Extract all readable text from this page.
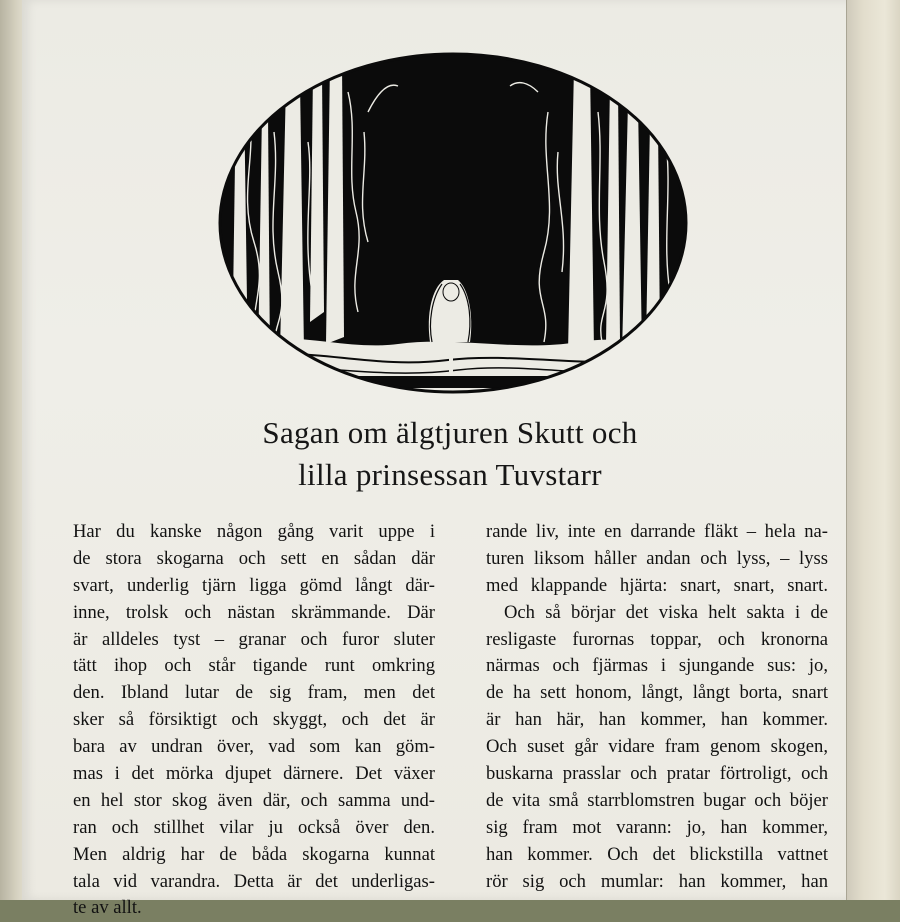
Sagan om älgtjuren Skutt och
lilla prinsessan Tuvstarr
Har du kanske någon gång varit uppe i
de stora skogarna och sett en sådan där
svart, underlig tjärn ligga gömd långt där-
inne, trolsk och nästan skrämmande. Där
är alldeles tyst – granar och furor sluter
tätt ihop och står tigande runt omkring
den. Ibland lutar de sig fram, men det
sker så försiktigt och skyggt, och det är
bara av undran över, vad som kan göm-
mas i det mörka djupet därnere. Det växer
en hel stor skog även där, och samma und-
ran och stillhet vilar ju också över den.
Men aldrig har de båda skogarna kunnat
tala vid varandra. Detta är det underligas-
te av allt.
rande liv, inte en darrande fläkt – hela na-
turen liksom håller andan och lyss, – lyss
med klappande hjärta: snart, snart, snart.
Och så börjar det viska helt sakta i de
resligaste furornas toppar, och kronorna
närmas och fjärmas i sjungande sus: jo,
de ha sett honom, långt, långt borta, snart
är han här, han kommer, han kommer.
Och suset går vidare fram genom skogen,
buskarna prasslar och pratar förtroligt, och
de vita små starrblomstren bugar och böjer
sig fram mot varann: jo, han kommer,
han kommer. Och det blickstilla vattnet
rör sig och mumlar: han kommer, han
